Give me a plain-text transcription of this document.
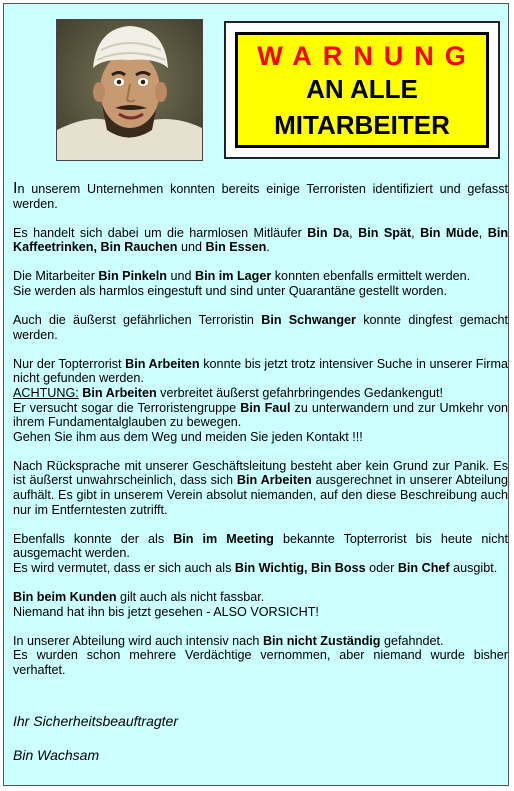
WARNUNG
AN ALLE
MITARBEITER

In unserem Unternehmen konnten bereits einige Terroristen identifiziert und gefasst werden.

Es handelt sich dabei um die harmlosen Mitläufer Bin Da, Bin Spät, Bin Müde, Bin Kaffeetrinken, Bin Rauchen und Bin Essen.

Die Mitarbeiter Bin Pinkeln und Bin im Lager konnten ebenfalls ermittelt werden.
Sie werden als harmlos eingestuft und sind unter Quarantäne gestellt worden.

Auch die äußerst gefährlichen Terroristin Bin Schwanger konnte dingfest gemacht werden.

Nur der Topterrorist Bin Arbeiten konnte bis jetzt trotz intensiver Suche in unserer Firma nicht gefunden werden.
ACHTUNG: Bin Arbeiten verbreitet äußerst gefahrbringendes Gedankengut!
Er versucht sogar die Terroristengruppe Bin Faul zu unterwandern und zur Umkehr von ihrem Fundamentalglauben zu bewegen.
Gehen Sie ihm aus dem Weg und meiden Sie jeden Kontakt !!!

Nach Rücksprache mit unserer Geschäftsleitung besteht aber kein Grund zur Panik. Es ist äußerst unwahrscheinlich, dass sich Bin Arbeiten ausgerechnet in unserer Abteilung aufhält. Es gibt in unserem Verein absolut niemanden, auf den diese Beschreibung auch nur im Entferntesten zutrifft.

Ebenfalls konnte der als Bin im Meeting bekannte Topterrorist bis heute nicht ausgemacht werden.
Es wird vermutet, dass er sich auch als Bin Wichtig, Bin Boss oder Bin Chef ausgibt.

Bin beim Kunden gilt auch als nicht fassbar.
Niemand hat ihn bis jetzt gesehen - ALSO VORSICHT!

In unserer Abteilung wird auch intensiv nach Bin nicht Zuständig gefahndet.
Es wurden schon mehrere Verdächtige vernommen, aber niemand wurde bisher verhaftet.

Ihr Sicherheitsbeauftragter
Bin Wachsam
